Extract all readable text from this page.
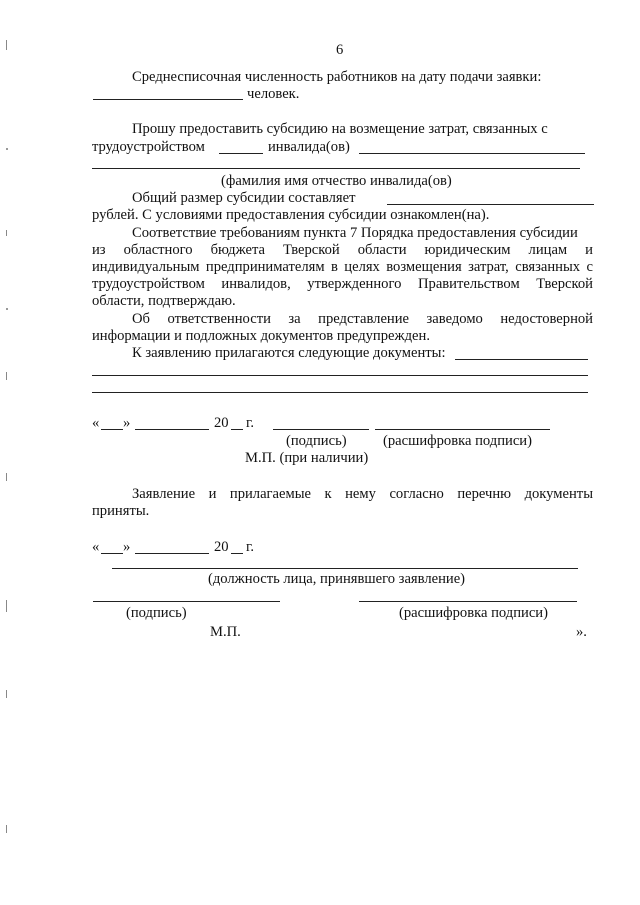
6
Среднесписочная численность работников на дату подачи заявки:
человек.
Прошу предоставить субсидию на возмещение затрат, связанных с
трудоустройством	инвалида(ов)
(фамилия имя отчество инвалида(ов)
Общий размер субсидии составляет
рублей. С условиями предоставления субсидии ознакомлен(на).
Соответствие требованиям пункта 7 Порядка предоставления субсидии
из областного бюджета Тверской области юридическим лицам и
индивидуальным предпринимателям в целях возмещения затрат, связанных с
трудоустройством инвалидов, утвержденного Правительством Тверской
области, подтверждаю.
Об ответственности за представление заведомо недостоверной
информации и подложных документов предупрежден.
К заявлению прилагаются следующие документы:
« »	20 г.
(подпись) (расшифровка подписи)
М.П. (при наличии)
Заявление и прилагаемые к нему согласно перечню документы
приняты.
« »	20 г.
(должность лица, принявшего заявление)
(подпись)	(расшифровка подписи)
М.П.	».
